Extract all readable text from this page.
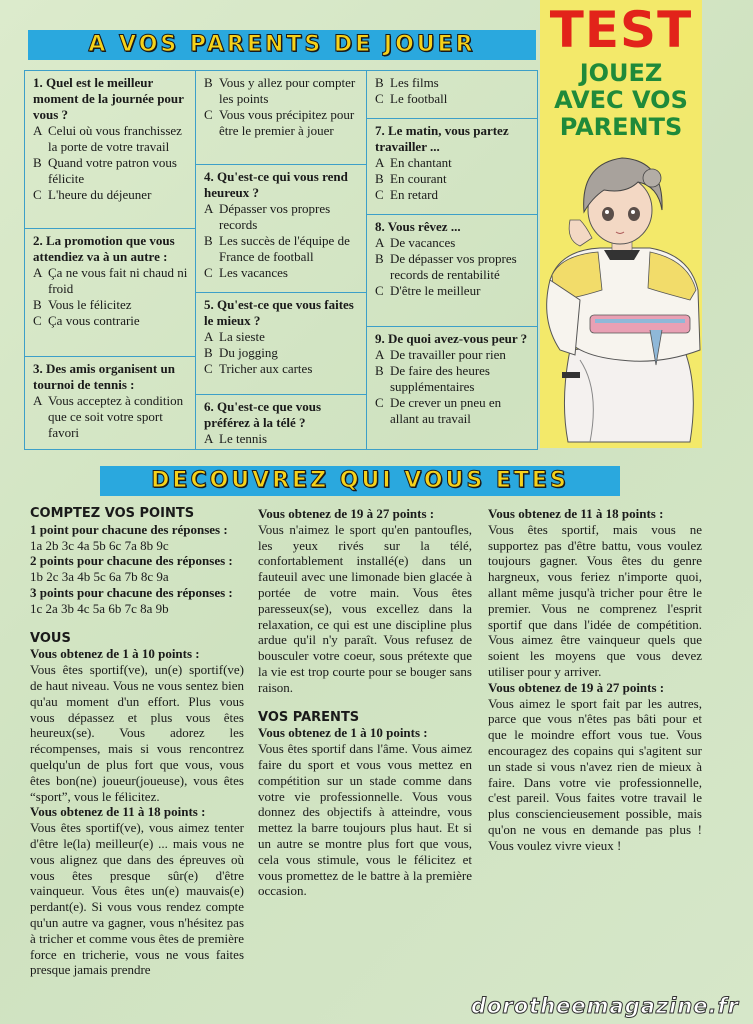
A VOS PARENTS DE JOUER
1. Quel est le meilleur moment de la journée pour vous ?
A Celui où vous franchissez la porte de votre travail
B Quand votre patron vous félicite
C L'heure du déjeuner
2. La promotion que vous attendiez va à un autre :
A Ça ne vous fait ni chaud ni froid
B Vous le félicitez
C Ça vous contrarie
3. Des amis organisent un tournoi de tennis :
A Vous acceptez à condition que ce soit votre sport favori
B Vous y allez pour compter les points
C Vous vous précipitez pour être le premier à jouer
4. Qu'est-ce qui vous rend heureux ?
A Dépasser vos propres records
B Les succès de l'équipe de France de football
C Les vacances
5. Qu'est-ce que vous faites le mieux ?
A La sieste
B Du jogging
C Tricher aux cartes
6. Qu'est-ce que vous préférez à la télé ?
A Le tennis
B Les films
C Le football
7. Le matin, vous partez travailler ...
A En chantant
B En courant
C En retard
8. Vous rêvez ...
A De vacances
B De dépasser vos propres records de rentabilité
C D'être le meilleur
9. De quoi avez-vous peur ?
A De travailler pour rien
B De faire des heures supplémentaires
C De crever un pneu en allant au travail
TEST
JOUEZ
AVEC VOS
PARENTS
DECOUVREZ QUI VOUS ETES
COMPTEZ VOS POINTS
1 point pour chacune des réponses :
1a 2b 3c 4a 5b 6c 7a 8b 9c
2 points pour chacune des réponses :
1b 2c 3a 4b 5c 6a 7b 8c 9a
3 points pour chacune des réponses :
1c 2a 3b 4c 5a 6b 7c 8a 9b
VOUS
Vous obtenez de 1 à 10 points :
Vous êtes sportif(ve), un(e) sportif(ve) de haut niveau. Vous ne vous sentez bien qu'au moment d'un effort. Plus vous vous dépassez et plus vous êtes heureux(se). Vous adorez les récompenses, mais si vous rencontrez quelqu'un de plus fort que vous, vous êtes bon(ne) joueur(joueuse), vous êtes “sport”, vous le félicitez.
Vous obtenez de 11 à 18 points :
Vous êtes sportif(ve), vous aimez tenter d'être le(la) meilleur(e) ... mais vous ne vous alignez que dans des épreuves où vous êtes presque sûr(e) d'être vainqueur. Vous êtes un(e) mauvais(e) perdant(e). Si vous vous rendez compte qu'un autre va gagner, vous n'hésitez pas à tricher et comme vous êtes de première force en tricherie, vous ne vous faites presque jamais prendre
Vous obtenez de 19 à 27 points :
Vous n'aimez le sport qu'en pantoufles, les yeux rivés sur la télé, confortablement installé(e) dans un fauteuil avec une limonade bien glacée à portée de votre main. Vous êtes paresseux(se), vous excellez dans la relaxation, ce qui est une discipline plus ardue qu'il n'y paraît. Vous refusez de bousculer votre coeur, sous prétexte que la vie est trop courte pour se bouger sans raison.
VOS PARENTS
Vous obtenez de 1 à 10 points :
Vous êtes sportif dans l'âme. Vous aimez faire du sport et vous vous mettez en compétition sur un stade comme dans votre vie professionnelle. Vous vous donnez des objectifs à atteindre, vous mettez la barre toujours plus haut. Et si un autre se montre plus fort que vous, cela vous stimule, vous le félicitez et vous promettez de le battre à la première occasion.
Vous obtenez de 11 à 18 points :
Vous êtes sportif, mais vous ne supportez pas d'être battu, vous voulez toujours gagner. Vous êtes du genre hargneux, vous feriez n'importe quoi, allant même jusqu'à tricher pour être le premier. Vous ne comprenez l'esprit sportif que dans l'idée de compétition. Vous aimez être vainqueur quels que soient les moyens que vous devez utiliser pour y arriver.
Vous obtenez de 19 à 27 points :
Vous aimez le sport fait par les autres, parce que vous n'êtes pas bâti pour et que le moindre effort vous tue. Vous encouragez des copains qui s'agitent sur un stade si vous n'avez rien de mieux à faire. Dans votre vie professionnelle, c'est pareil. Vous faites votre travail le plus consciencieusement possible, mais qu'on ne vous en demande pas plus ! Vous voulez vivre vieux !
dorotheemagazine.fr
